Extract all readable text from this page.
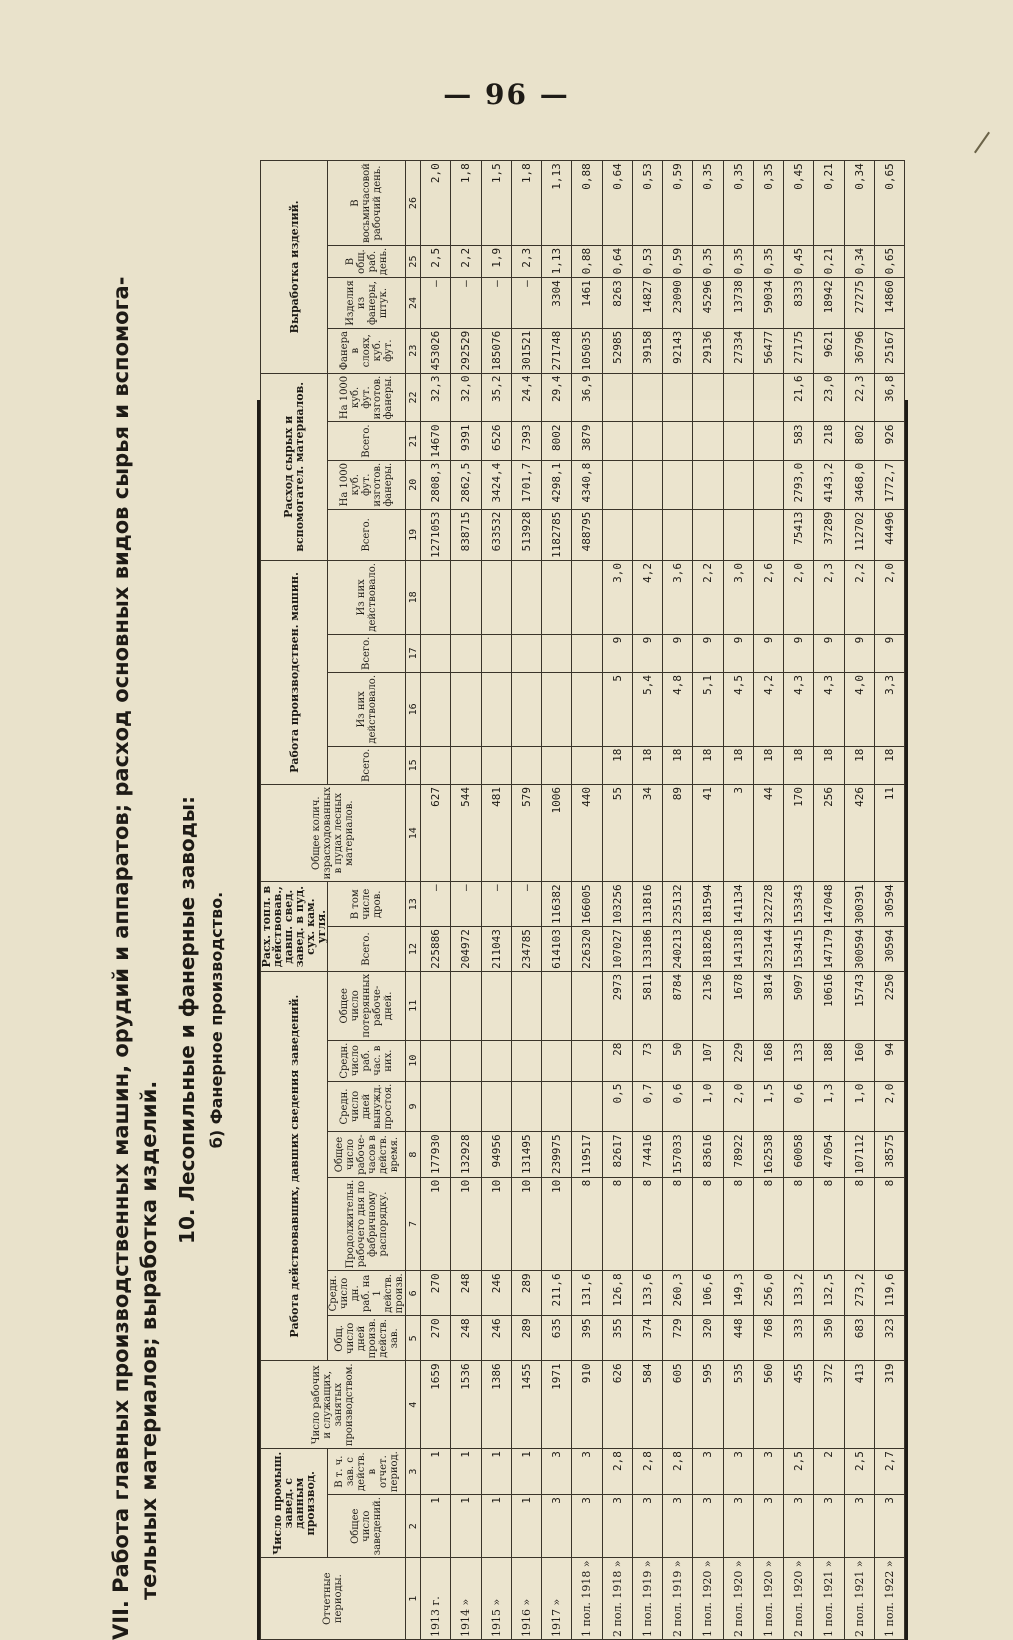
— 96 —
VII. Работа главных производственных машин, орудий и аппаратов; расход основных видов сырья и вспомога- тельных материалов; выработка изделий.
10. Лесопильные и фанерные заводы: б) Фанерное производство.
Отчетные периоды.	Число промыш. завед. с данным производ.		Число рабочих и служащих, занятых производством.	Работа действовавших, давших сведения заведений.							Расх. топл. в действовав., давш. свед. завед. в пуд. сух. кам. угля.		Общее колич. израсходованных в пудах лесных материалов.	Работа производствен. машин.				Расход сырых и вспомогател. материалов.				Выработка изделий.			
	Общее число заведений.	В т. ч. зав. с действ. в отчет. период.		Общ. число дней произв. действ. зав.	Средн. число дн. раб. на 1 действ. произв.	Продолжительн. рабочего дня по фабричному распорядку.	Общее число рабоче-часов в действ. время.	Средн. число дней вынужд. простоя.	Средн. число раб. час. в них.	Общее число потерянных рабоче-дней.	Всего.	В том числе дров.		Всего.	Из них действовало.	Всего.	Из них действовало.	Всего.	На 1000 куб. фут. изготов. фанеры.	Всего.	На 1000 куб. фут. изготов. фанеры.	Фанера в слоях, куб. фут.	Изделия из фанеры, штук.	В общ. раб. день.	В восьмичасовой рабочий день.
1	2	3	4	5	6	7	8	9	10	11	12	13	14	15	16	17	18	19	20	21	22	23	24	25	26
1913 г.	1	1	1659	270	270	10	177930				225886	—	627					1271053	2808,3	14670	32,3	453026	—	2,5	2,0
1914 »	1	1	1536	248	248	10	132928				204972	—	544					838715	2862,5	9391	32,0	292529	—	2,2	1,8
1915 »	1	1	1386	246	246	10	94956				211043	—	481					633532	3424,4	6526	35,2	185076	—	1,9	1,5
1916 »	1	1	1455	289	289	10	131495				234785	—	579					513928	1701,7	7393	24,4	301521	—	2,3	1,8
1917 »	3	3	1971	635	211,6	10	239975				614103	116382	1006					1182785	4298,1	8002	29,4	271748	3304	1,13	1,13
1 пол. 1918 »	3	3	910	395	131,6	8	119517				226320	166005	440					488795	4340,8	3879	36,9	105035	1461	0,88	0,88
2 пол. 1918 »	3	2,8	626	355	126,8	8	82617	0,5	28	2973	107027	103256	55	18	5	9	3,0					52985	8263	0,64	0,64
1 пол. 1919 »	3	2,8	584	374	133,6	8	74416	0,7	73	5811	133186	131816	34	18	5,4	9	4,2					39158	14827	0,53	0,53
2 пол. 1919 »	3	2,8	605	729	260,3	8	157033	0,6	50	8784	240213	235132	89	18	4,8	9	3,6					92143	23090	0,59	0,59
1 пол. 1920 »	3	3	595	320	106,6	8	83616	1,0	107	2136	181826	181594	41	18	5,1	9	2,2					29136	45296	0,35	0,35
2 пол. 1920 »	3	3	535	448	149,3	8	78922	2,0	229	1678	141318	141134	3	18	4,5	9	3,0					27334	13738	0,35	0,35
1 пол. 1920 »	3	3	560	768	256,0	8	162538	1,5	168	3814	323144	322728	44	18	4,2	9	2,6					56477	59034	0,35	0,35
2 пол. 1920 »	3	2,5	455	333	133,2	8	60058	0,6	133	5097	153415	153343	170	18	4,3	9	2,0	75413	2793,0	583	21,6	27175	8333	0,45	0,45
1 пол. 1921 »	3	2	372	350	132,5	8	47054	1,3	188	10616	147179	147048	256	18	4,3	9	2,3	37289	4143,2	218	23,0	9621	18942	0,21	0,21
2 пол. 1921 »	3	2,5	413	683	273,2	8	107112	1,0	160	15743	300594	300391	426	18	4,0	9	2,2	112702	3468,0	802	22,3	36796	27275	0,34	0,34
1 пол. 1922 »	3	2,7	319	323	119,6	8	38575	2,0	94	2250	30594	30594	11	18	3,3	9	2,0	44496	1772,7	926	36,8	25167	14860	0,65	0,65
